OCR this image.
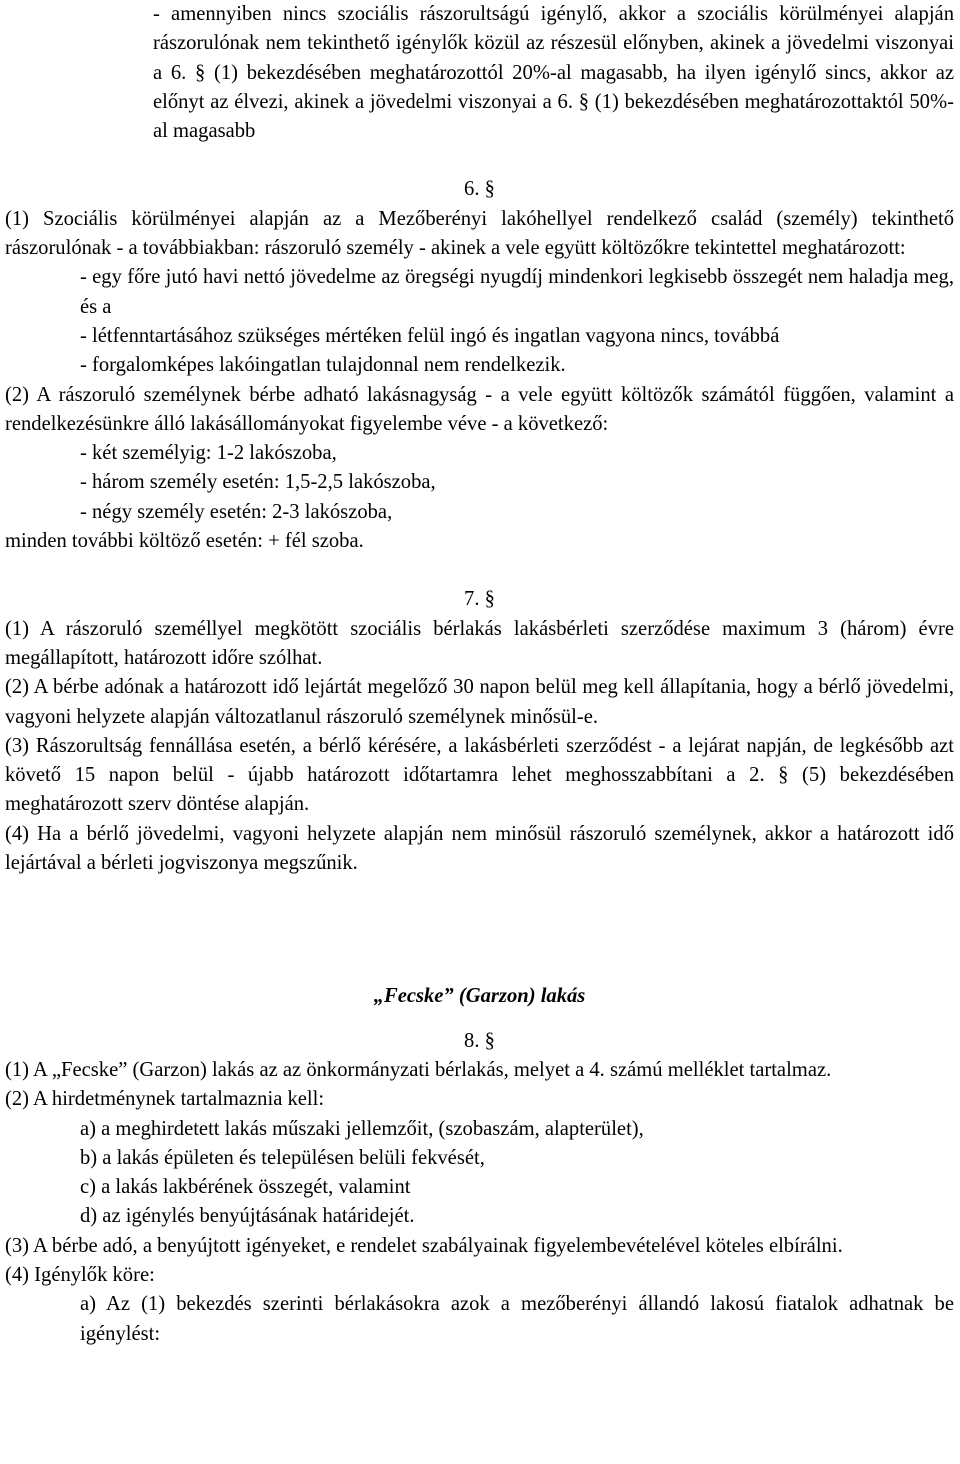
- amennyiben nincs szociális rászorultságú igénylő, akkor a szociális körülményei alapján rászorulónak nem tekinthető igénylők közül az részesül előnyben, akinek a jövedelmi viszonyai a 6. § (1) bekezdésében meghatározottól 20%-al magasabb, ha ilyen igénylő sincs, akkor az előnyt az élvezi, akinek a jövedelmi viszonyai a 6. § (1) bekezdésében meghatározottaktól 50%-al magasabb

6. §

(1) Szociális körülményei alapján az a Mezőberényi lakóhellyel rendelkező család (személy) tekinthető rászorulónak - a továbbiakban: rászoruló személy - akinek a vele együtt költözőkre tekintettel meghatározott:

- egy főre jutó havi nettó jövedelme az öregségi nyugdíj mindenkori legkisebb összegét nem haladja meg, és a

- létfenntartásához szükséges mértéken felül ingó és ingatlan vagyona nincs, továbbá

- forgalomképes lakóingatlan tulajdonnal nem rendelkezik.

(2) A rászoruló személynek bérbe adható lakásnagyság - a vele együtt költözők számától függően, valamint a rendelkezésünkre álló lakásállományokat figyelembe véve - a következő:

- két személyig: 1-2 lakószoba,

- három személy esetén: 1,5-2,5 lakószoba,

- négy személy esetén: 2-3 lakószoba,

minden további költöző esetén: + fél szoba.

7. §

(1) A rászoruló személlyel megkötött szociális bérlakás lakásbérleti szerződése maximum 3 (három) évre megállapított, határozott időre szólhat.

(2) A bérbe adónak a határozott idő lejártát megelőző 30 napon belül meg kell állapítania, hogy a bérlő jövedelmi, vagyoni helyzete alapján változatlanul rászoruló személynek minősül-e.

(3) Rászorultság fennállása esetén, a bérlő kérésére, a lakásbérleti szerződést - a lejárat napján, de legkésőbb azt követő 15 napon belül - újabb határozott időtartamra lehet meghosszabbítani a 2. § (5) bekezdésében meghatározott szerv döntése alapján.

(4) Ha a bérlő jövedelmi, vagyoni helyzete alapján nem minősül rászoruló személynek, akkor a határozott idő lejártával a bérleti jogviszonya megszűnik.

„Fecske” (Garzon) lakás

8. §

(1) A „Fecske” (Garzon) lakás az az önkormányzati bérlakás, melyet a 4. számú melléklet tartalmaz.

(2) A hirdetménynek tartalmaznia kell:

a) a meghirdetett lakás műszaki jellemzőit, (szobaszám, alapterület),

b) a lakás épületen és településen belüli fekvését,

c) a lakás lakbérének összegét, valamint

d) az igénylés benyújtásának határidejét.

(3) A bérbe adó, a benyújtott igényeket, e rendelet szabályainak figyelembevételével köteles elbírálni.

(4) Igénylők köre:

a) Az (1) bekezdés szerinti bérlakásokra azok a mezőberényi állandó lakosú fiatalok adhatnak be igénylést:
